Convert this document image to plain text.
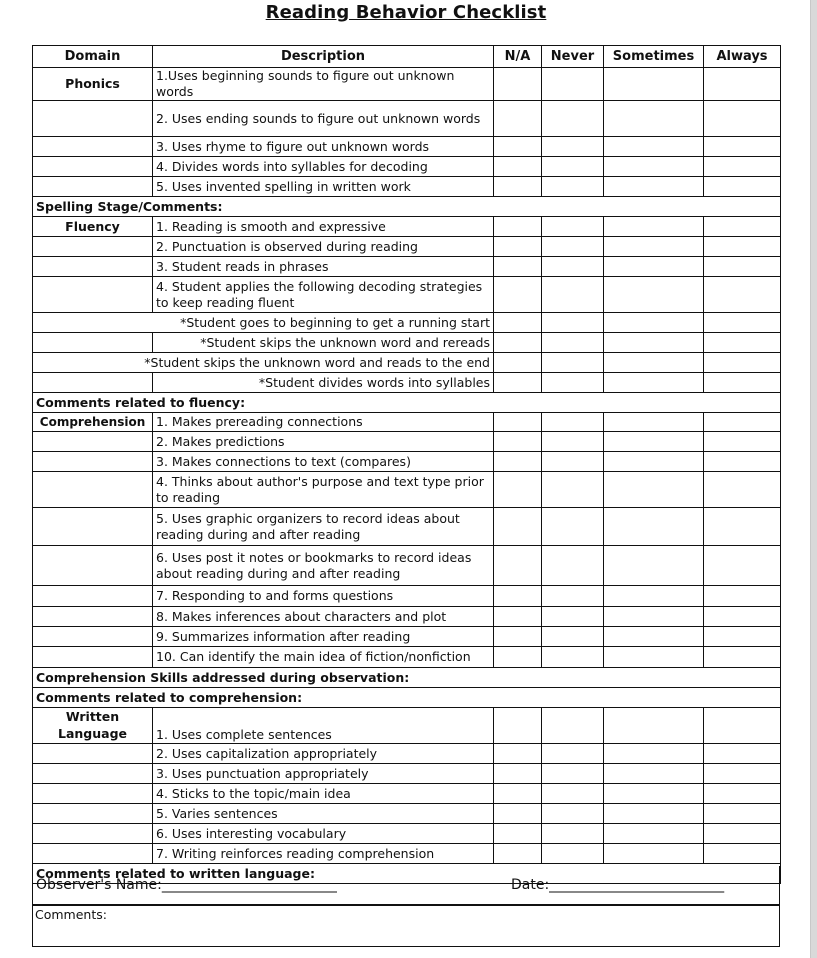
Reading Behavior Checklist
Domain	Description	N/A	Never	Sometimes	Always
Phonics	1.Uses beginning sounds to figure out unknown words				
	2. Uses ending sounds to figure out unknown words				
	3. Uses rhyme to figure out unknown words				
	4. Divides words into syllables for decoding				
	5. Uses invented spelling in written work				
Spelling Stage/Comments:					
Fluency	1. Reading is smooth and expressive				
	2. Punctuation is observed during reading				
	3. Student reads in phrases				
	4. Student applies the following decoding strategies to keep reading fluent				
*Student goes to beginning to get a running start					
	*Student skips the unknown word and rereads				
*Student skips the unknown word and reads to the end					
	*Student divides words into syllables				
Comments related to fluency:					
Comprehension	1. Makes prereading connections				
	2. Makes predictions				
	3. Makes connections to text (compares)				
	4. Thinks about author's purpose and text type prior to reading				
	5. Uses graphic organizers to record ideas about reading during and after reading				
	6. Uses post it notes or bookmarks to record ideas about reading during and after reading				
	7. Responding to and forms questions				
	8. Makes inferences about characters and plot				
	9. Summarizes information after reading				
	10. Can identify the main idea of fiction/nonfiction				
Comprehension Skills addressed during observation:					
Comments related to comprehension:					
Written Language	1. Uses complete sentences				
	2. Uses capitalization appropriately				
	3. Uses punctuation appropriately				
	4. Sticks to the topic/main idea				
	5. Varies sentences				
	6. Uses interesting vocabulary				
	7. Writing reinforces reading comprehension				
Comments related to written language:					
Observer's Name:_________________________	Date:_________________________
Comments:
